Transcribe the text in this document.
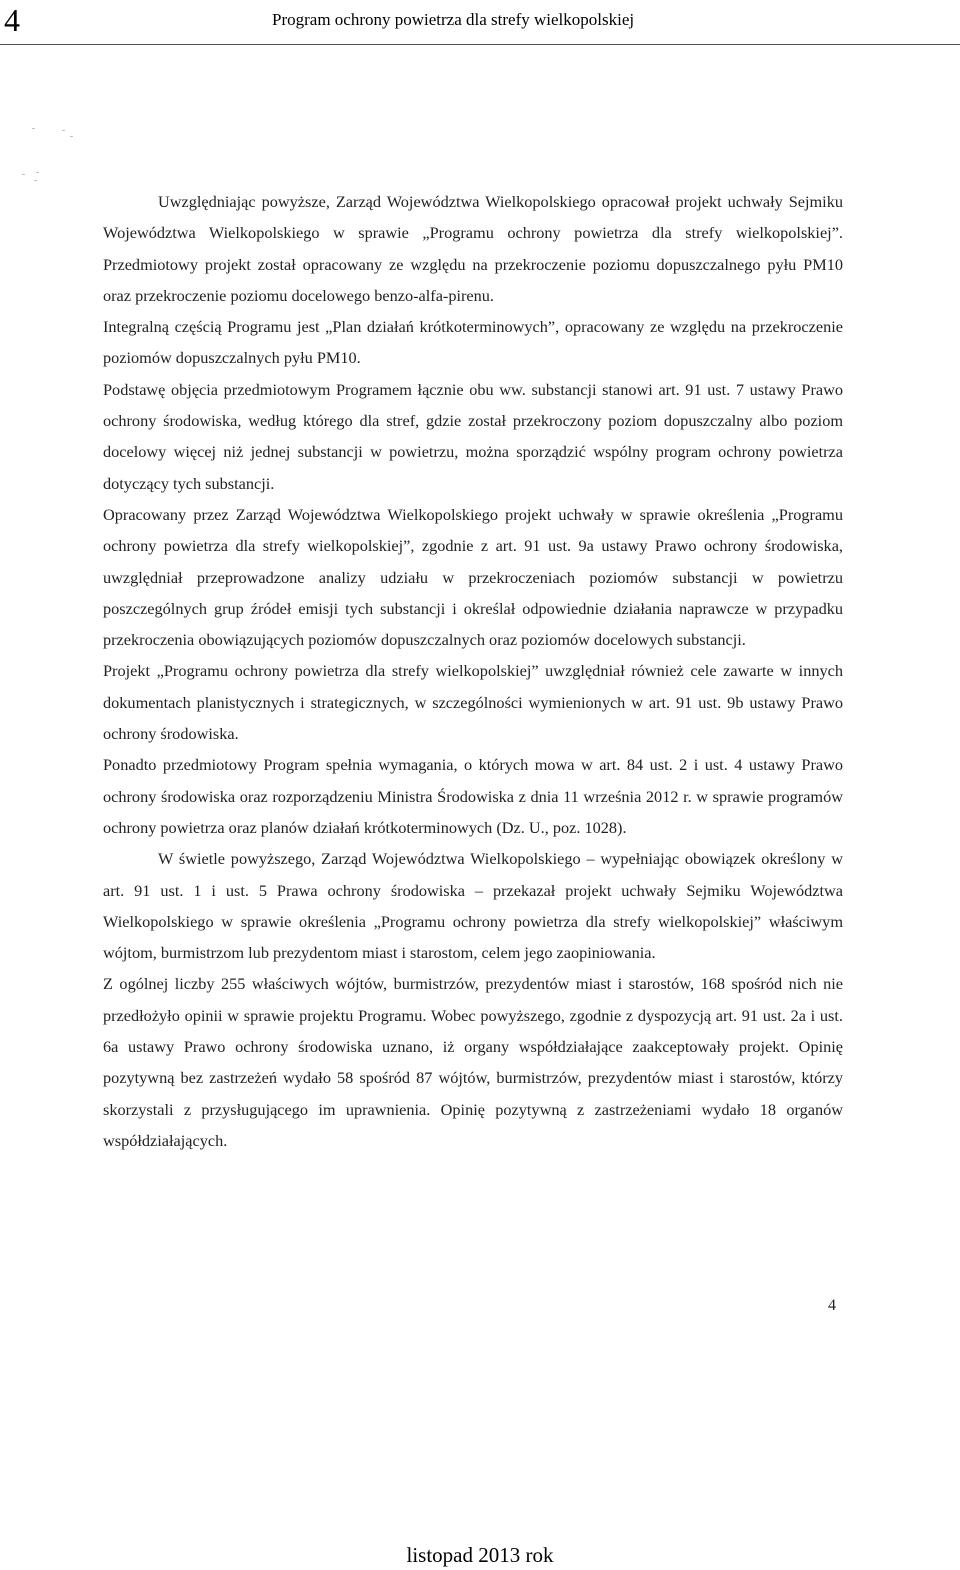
4	Program ochrony powietrza dla strefy wielkopolskiej

Uwzględniając powyższe, Zarząd Województwa Wielkopolskiego opracował projekt uchwały Sejmiku Województwa Wielkopolskiego w sprawie „Programu ochrony powietrza dla strefy wielkopolskiej”. Przedmiotowy projekt został opracowany ze względu na przekroczenie poziomu dopuszczalnego pyłu PM10 oraz przekroczenie poziomu docelowego benzo-alfa-pirenu.

Integralną częścią Programu jest „Plan działań krótkoterminowych”, opracowany ze względu na przekroczenie poziomów dopuszczalnych pyłu PM10.

Podstawę objęcia przedmiotowym Programem łącznie obu ww. substancji stanowi art. 91 ust. 7 ustawy Prawo ochrony środowiska, według którego dla stref, gdzie został przekroczony poziom dopuszczalny albo poziom docelowy więcej niż jednej substancji w powietrzu, można sporządzić wspólny program ochrony powietrza dotyczący tych substancji.

Opracowany przez Zarząd Województwa Wielkopolskiego projekt uchwały w sprawie określenia „Programu ochrony powietrza dla strefy wielkopolskiej”, zgodnie z art. 91 ust. 9a ustawy Prawo ochrony środowiska, uwzględniał przeprowadzone analizy udziału w przekroczeniach poziomów substancji w powietrzu poszczególnych grup źródeł emisji tych substancji i określał odpowiednie działania naprawcze w przypadku przekroczenia obowiązujących poziomów dopuszczalnych oraz poziomów docelowych substancji.

Projekt „Programu ochrony powietrza dla strefy wielkopolskiej” uwzględniał również cele zawarte w innych dokumentach planistycznych i strategicznych, w szczególności wymienionych w art. 91 ust. 9b ustawy Prawo ochrony środowiska.

Ponadto przedmiotowy Program spełnia wymagania, o których mowa w art. 84 ust. 2 i ust. 4 ustawy Prawo ochrony środowiska oraz rozporządzeniu Ministra Środowiska z dnia 11 września 2012 r. w sprawie programów ochrony powietrza oraz planów działań krótkoterminowych (Dz. U., poz. 1028).

W świetle powyższego, Zarząd Województwa Wielkopolskiego – wypełniając obowiązek określony w art. 91 ust. 1 i ust. 5 Prawa ochrony środowiska – przekazał projekt uchwały Sejmiku Województwa Wielkopolskiego w sprawie określenia „Programu ochrony powietrza dla strefy wielkopolskiej” właściwym wójtom, burmistrzom lub prezydentom miast i starostom, celem jego zaopiniowania.

Z ogólnej liczby 255 właściwych wójtów, burmistrzów, prezydentów miast i starostów, 168 spośród nich nie przedłożyło opinii w sprawie projektu Programu. Wobec powyższego, zgodnie z dyspozycją art. 91 ust. 2a i ust. 6a ustawy Prawo ochrony środowiska uznano, iż organy współdziałające zaakceptowały projekt. Opinię pozytywną bez zastrzeżeń wydało 58 spośród 87 wójtów, burmistrzów, prezydentów miast i starostów, którzy skorzystali z przysługującego im uprawnienia. Opinię pozytywną z zastrzeżeniami wydało 18 organów współdziałających.

4
listopad 2013 rok
